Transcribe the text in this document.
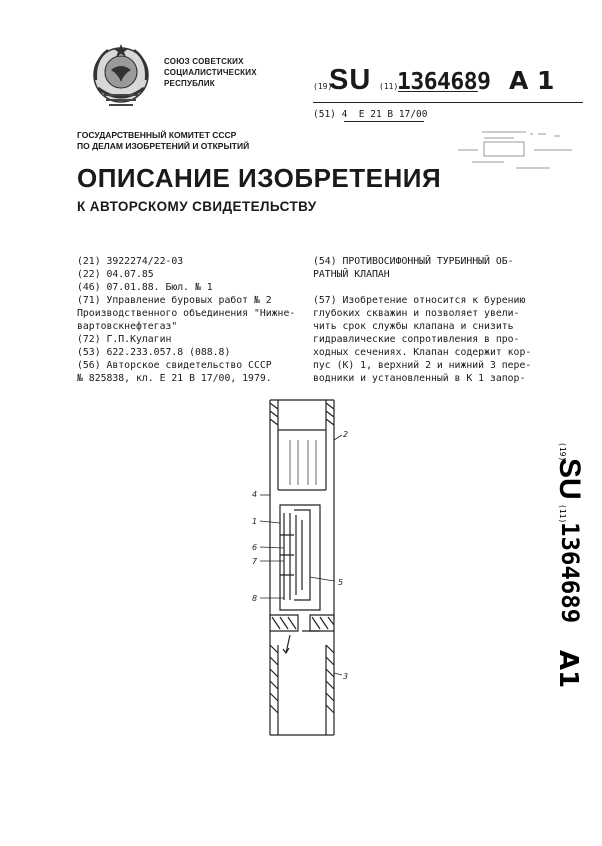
СОЮЗ СОВЕТСКИХ
СОЦИАЛИСТИЧЕСКИХ
РЕСПУБЛИК	(19)
SU (11)
1364689 A 1
(51) 4 Е 21 В 17/00
ГОСУДАРСТВЕННЫЙ КОМИТЕТ СССР
ПО ДЕЛАМ ИЗОБРЕТЕНИЙ И ОТКРЫТИЙ
ОПИСАНИЕ ИЗОБРЕТЕНИЯ
К АВТОРСКОМУ СВИДЕТЕЛЬСТВУ
(21) 3922274/22-03
(22) 04.07.85
(46) 07.01.88. Бюл. № 1
(71) Управление буровых работ № 2
Производственного объединения "Нижне-
вартовскнефтегаз"
(72) Г.П.Кулагин
(53) 622.233.057.8 (088.8)
(56) Авторское свидетельство СССР
№ 825838, кл. Е 21 В 17/00, 1979.
(54) ПРОТИВОСИФОННЫЙ ТУРБИННЫЙ ОБ-
РАТНЫЙ КЛАПАН
(57) Изобретение относится к бурению
глубоких скважин и позволяет увели-
чить срок службы клапана и снизить
гидравлические сопротивления в про-
ходных сечениях. Клапан содержит кор-
пус (К) 1, верхний 2 и нижний 3 пере-
водники и установленный в К 1 запор-
(19)
SU
(11)
1364689
A1
2
4
1
6
7
5
8
3
